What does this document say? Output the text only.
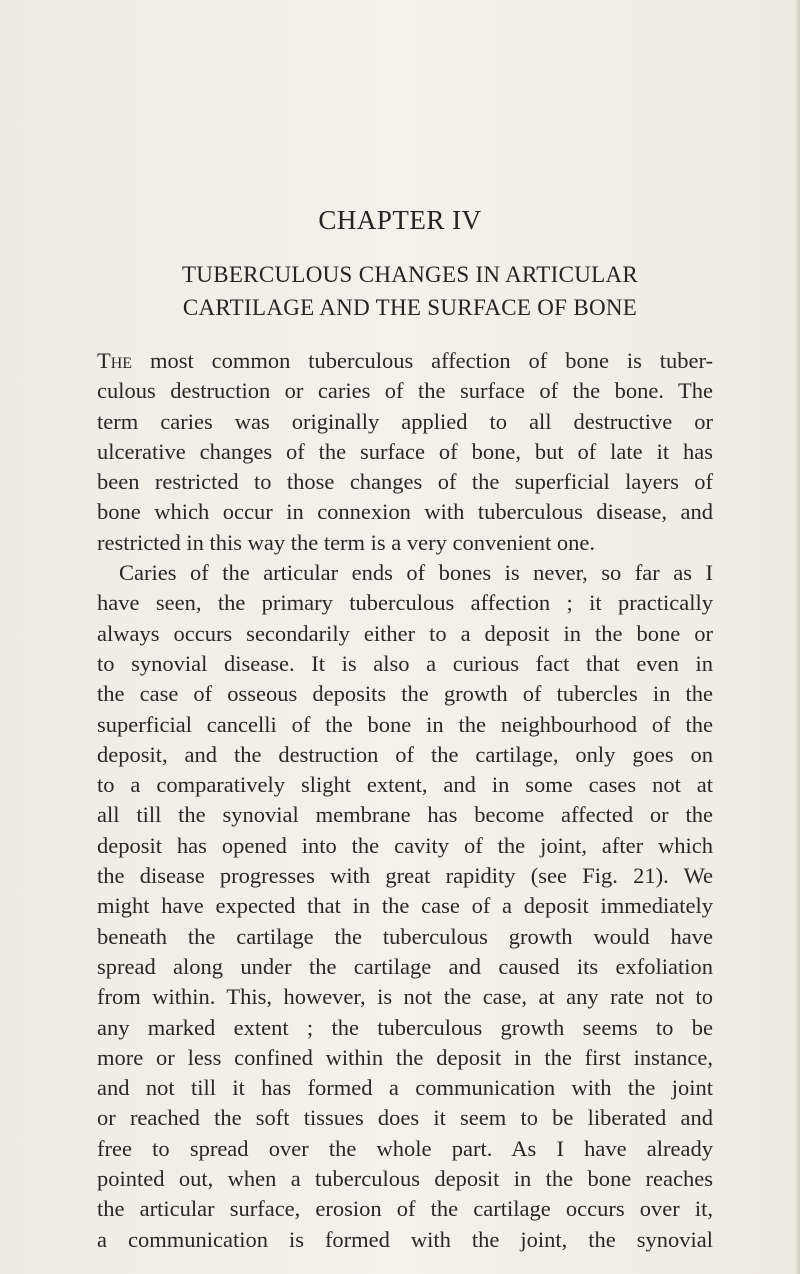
CHAPTER IV
TUBERCULOUS CHANGES IN ARTICULAR
CARTILAGE AND THE SURFACE OF BONE
The most common tuberculous affection of bone is tuber-
culous destruction or caries of the surface of the bone. The
term caries was originally applied to all destructive or
ulcerative changes of the surface of bone, but of late it has
been restricted to those changes of the superficial layers of
bone which occur in connexion with tuberculous disease, and
restricted in this way the term is a very convenient one.
Caries of the articular ends of bones is never, so far as I
have seen, the primary tuberculous affection ; it practically
always occurs secondarily either to a deposit in the bone or
to synovial disease. It is also a curious fact that even in
the case of osseous deposits the growth of tubercles in the
superficial cancelli of the bone in the neighbourhood of the
deposit, and the destruction of the cartilage, only goes on
to a comparatively slight extent, and in some cases not at
all till the synovial membrane has become affected or the
deposit has opened into the cavity of the joint, after which
the disease progresses with great rapidity (see Fig. 21). We
might have expected that in the case of a deposit immediately
beneath the cartilage the tuberculous growth would have
spread along under the cartilage and caused its exfoliation
from within. This, however, is not the case, at any rate not to
any marked extent ; the tuberculous growth seems to be
more or less confined within the deposit in the first instance,
and not till it has formed a communication with the joint
or reached the soft tissues does it seem to be liberated and
free to spread over the whole part. As I have already
pointed out, when a tuberculous deposit in the bone reaches
the articular surface, erosion of the cartilage occurs over it,
a communication is formed with the joint, the synovial
